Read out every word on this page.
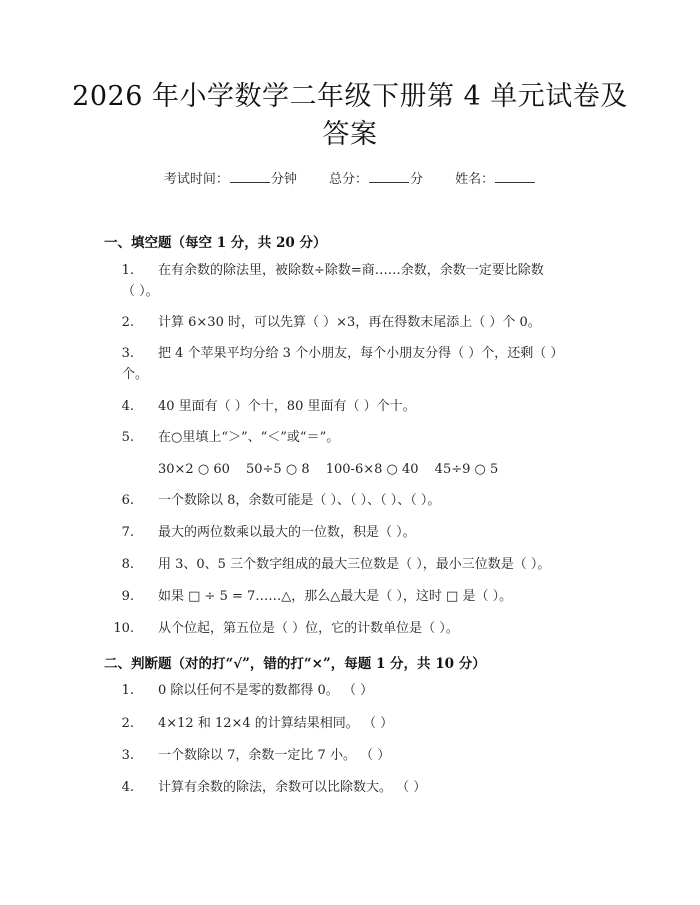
2026 年小学数学二年级下册第 4 单元试卷及
答案
考试时间：	分钟 总分：	分 姓名：
一、填空题（每空 1 分，共 20 分）
1. 在有余数的除法里，被除数÷除数=商……余数，余数一定要比除数
（ ）。
2. 计算 6×30 时，可以先算（ ）×3，再在得数末尾添上（ ）个 0。
3. 把 4 个苹果平均分给 3 个小朋友，每个小朋友分得（ ）个，还剩（ ）
个。
4. 40 里面有（ ）个十，80 里面有（ ）个十。
5. 在○里填上“＞”、“＜”或“＝”。
30×2 ○ 60 50÷5 ○ 8 100-6×8 ○ 40 45÷9 ○ 5
6. 一个数除以 8，余数可能是（ ）、（ ）、（ ）、（ ）。
7. 最大的两位数乘以最大的一位数，积是（ ）。
8. 用 3、0、5 三个数字组成的最大三位数是（ ），最小三位数是（ ）。
9. 如果 □ ÷ 5 = 7……△，那么△最大是（ ），这时 □ 是（ ）。
10. 从个位起，第五位是（ ）位，它的计数单位是（ ）。
二、判断题（对的打“√”，错的打“×”，每题 1 分，共 10 分）
1. 0 除以任何不是零的数都得 0。 （ ）
2. 4×12 和 12×4 的计算结果相同。 （ ）
3. 一个数除以 7，余数一定比 7 小。 （ ）
4. 计算有余数的除法，余数可以比除数大。 （ ）
